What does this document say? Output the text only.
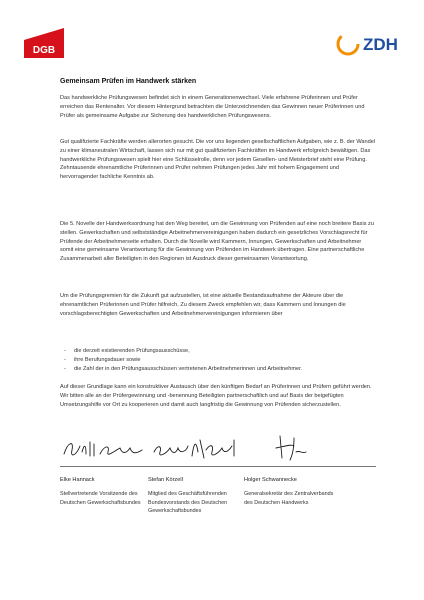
DGB	ZDH
Gemeinsam Prüfen im Handwerk stärken

Das handwerkliche Prüfungswesen befindet sich in einem Generationenwechsel. Viele erfahrene Prüferinnen und Prüfer erreichen das Rentenalter. Vor diesem Hintergrund betrachten die Unterzeichnenden das Gewinnen neuer Prüferinnen und Prüfer als gemeinsame Aufgabe zur Sicherung des handwerklichen Prüfungswesens.

Gut qualifizierte Fachkräfte werden allerorten gesucht. Die vor uns liegenden gesellschaftlichen Aufgaben, wie z. B. der Wandel zu einer klimaneutralen Wirtschaft, lassen sich nur mit gut qualifizierten Fachkräften im Handwerk erfolgreich bewältigen. Das handwerkliche Prüfungswesen spielt hier eine Schlüsselrolle, denn vor jedem Gesellen- und Meisterbrief steht eine Prüfung. Zehntausende ehrenamtliche Prüferinnen und Prüfer nehmen Prüfungen jedes Jahr mit hohem Engagement und hervorragender fachliche Kenntnis ab.

Die 5. Novelle der Handwerksordnung hat den Weg bereitet, um die Gewinnung von Prüfenden auf eine noch breitere Basis zu stellen. Gewerkschaften und selbstständige Arbeitnehmervereinigungen haben dadurch ein gesetzliches Vorschlagsrecht für Prüfende der Arbeitnehmerseite erhalten. Durch die Novelle wird Kammern, Innungen, Gewerkschaften und Arbeitnehmer somit eine gemeinsame Verantwortung für die Gewinnung von Prüfenden im Handwerk übertragen. Eine partnerschaftliche Zusammenarbeit aller Beteiligten in den Regionen ist Ausdruck dieser gemeinsamen Verantwortung.

Um die Prüfungsgremien für die Zukunft gut aufzustellen, ist eine aktuelle Bestandsaufnahme der Akteure über die ehrenamtlichen Prüferinnen und Prüfer hilfreich. Zu diesem Zweck empfehlen wir, dass Kammern und Innungen die vorschlagsberechtigten Gewerkschaften und Arbeitnehmervereinigungen informieren über

- die derzeit existierenden Prüfungsausschüsse,
- ihre Berufungsdauer sowie
- die Zahl der in den Prüfungsausschüssen vertretenen Arbeitnehmerinnen und Arbeitnehmer.

Auf dieser Grundlage kann ein konstruktiver Austausch über den künftigen Bedarf an Prüferinnen und Prüfern geführt werden. Wir bitten alle an der Prüfergewinnung und -benennung Beteiligten partnerschaftlich und auf Basis der beigefügten Umsetzungshilfe vor Ort zu kooperieren und damit auch langfristig die Gewinnung von Prüfenden sicherzustellen.

Elke Hannack	Stefan Körzell	Holger Schwannecke
Stellvertretende Vorsitzende des Deutschen Gewerkschaftsbundes
Mitglied des Geschäftsführenden Bundesvorstands des Deutschen Gewerkschaftsbundes
Generalsekretär des Zentralverbands des Deutschen Handwerks
